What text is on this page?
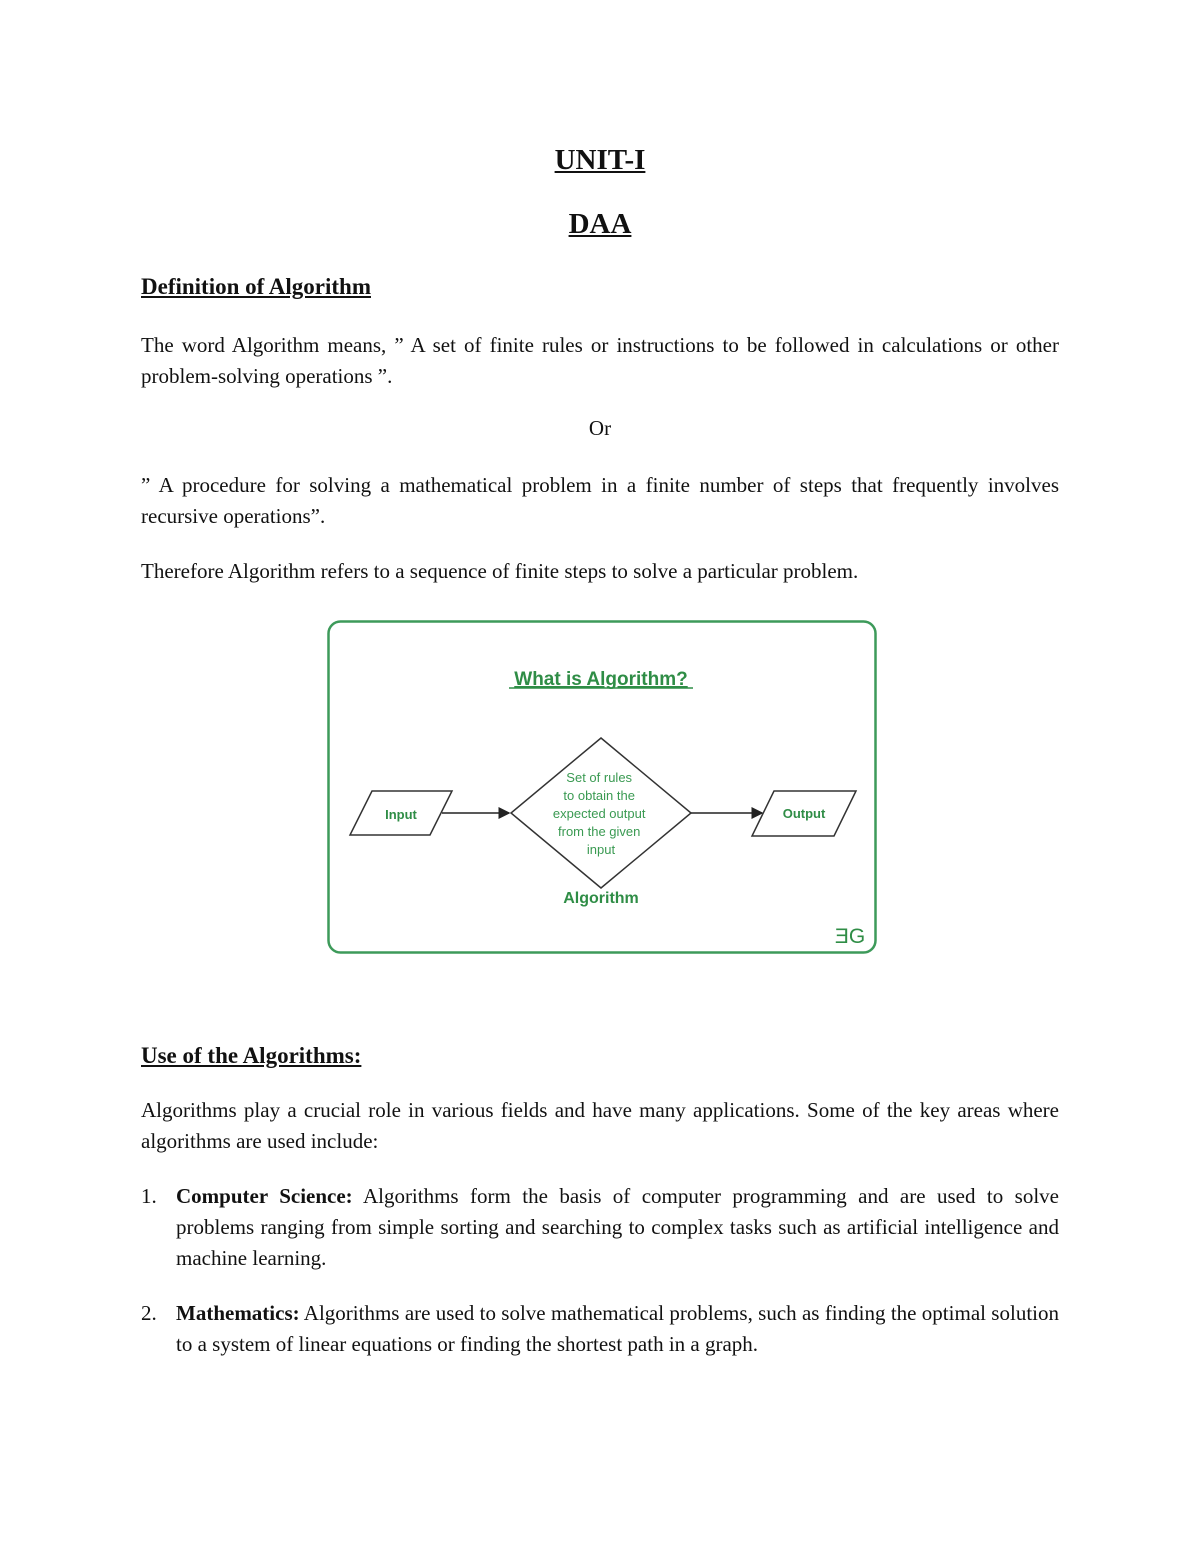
UNIT-I
DAA
Definition of Algorithm
The word Algorithm means, ” A set of finite rules or instructions to be followed in calculations or other problem-solving operations ”.
Or
” A procedure for solving a mathematical problem in a finite number of steps that frequently involves recursive operations”.
Therefore Algorithm refers to a sequence of finite steps to solve a particular problem.
What is Algorithm?
Input
Set of rules to obtain the expected output from the given input
Output
Algorithm
ƎG
Use of the Algorithms:
Algorithms play a crucial role in various fields and have many applications. Some of the key areas where algorithms are used include:
1. Computer Science: Algorithms form the basis of computer programming and are used to solve problems ranging from simple sorting and searching to complex tasks such as artificial intelligence and machine learning.
2. Mathematics: Algorithms are used to solve mathematical problems, such as finding the optimal solution to a system of linear equations or finding the shortest path in a graph.
